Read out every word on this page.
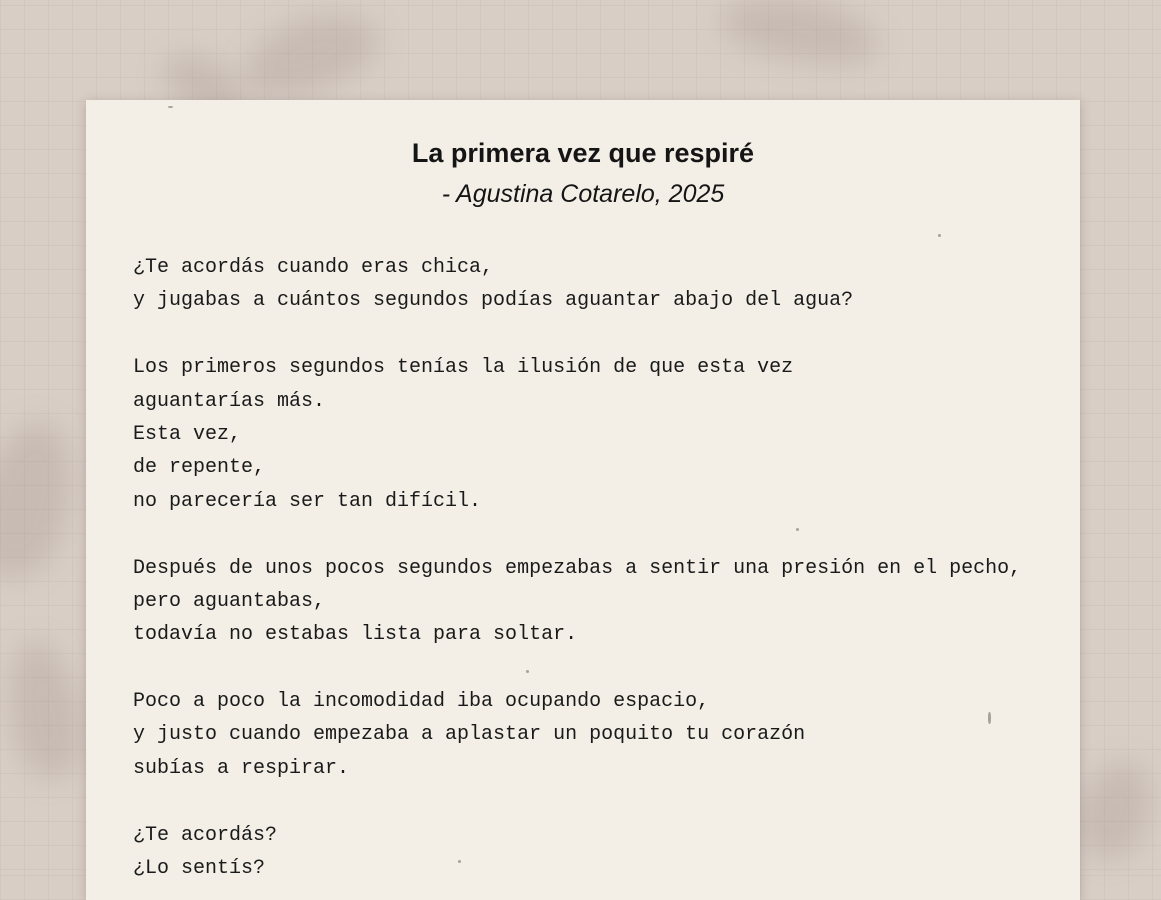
La primera vez que respiré

- Agustina Cotarelo, 2025

¿Te acordás cuando eras chica,
y jugabas a cuántos segundos podías aguantar abajo del agua?
Los primeros segundos tenías la ilusión de que esta vez
aguantarías más.
Esta vez,
de repente,
no parecería ser tan difícil.
Después de unos pocos segundos empezabas a sentir una presión en el pecho,
pero aguantabas,
todavía no estabas lista para soltar.
Poco a poco la incomodidad iba ocupando espacio,
y justo cuando empezaba a aplastar un poquito tu corazón
subías a respirar.
¿Te acordás?
¿Lo sentís?
